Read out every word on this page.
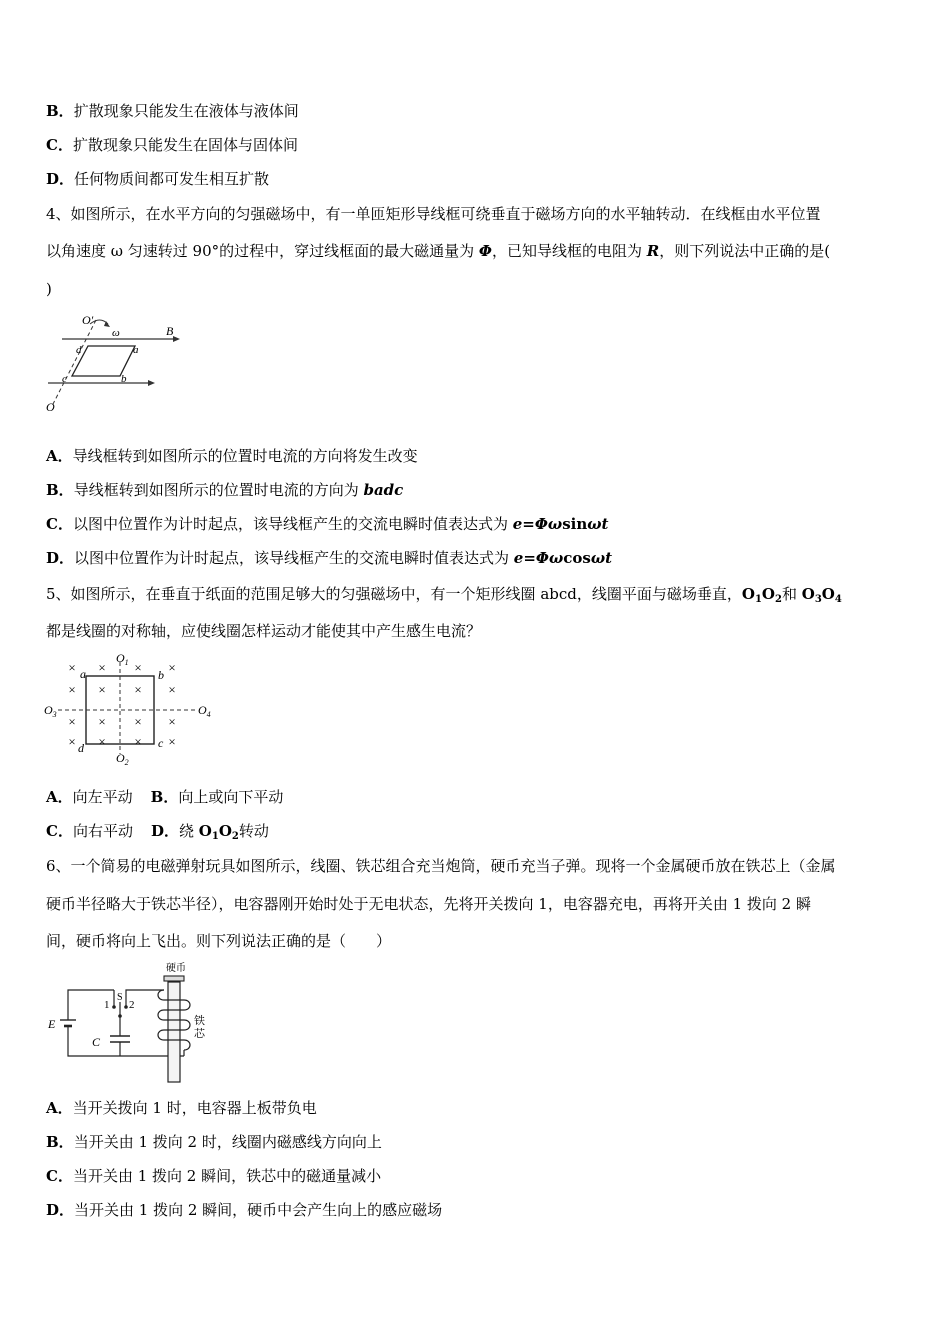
B．扩散现象只能发生在液体与液体间
C．扩散现象只能发生在固体与固体间
D．任何物质间都可发生相互扩散
4、如图所示，在水平方向的匀强磁场中，有一单匝矩形导线框可绕垂直于磁场方向的水平轴转动．在线框由水平位置
以角速度 ω 匀速转过 90°的过程中，穿过线框面的最大磁通量为 Φ，已知导线框的电阻为 R，则下列说法中正确的是(
)
O′
ω	B
d	a
c	b
O
A．导线框转到如图所示的位置时电流的方向将发生改变
B．导线框转到如图所示的位置时电流的方向为 badc
C．以图中位置作为计时起点，该导线框产生的交流电瞬时值表达式为 e=Φωsinωt
D．以图中位置作为计时起点，该导线框产生的交流电瞬时值表达式为 e=Φωcosωt
5、如图所示，在垂直于纸面的范围足够大的匀强磁场中，有一个矩形线圈 abcd，线圈平面与磁场垂直，$O_1O_2$和 $O_3O_4$
都是线圈的对称轴，应使线圈怎样运动才能使其中产生感生电流？
×
×
×
×
×
×
×
×
×
×
×
×
×
×
×
×
a	b
c
d
$O_1$
$O_2$
$O_3$	$O_4$
A．向左平动 B．向上或向下平动
C．向右平动 D．绕 $O_1O_2$转动
6、一个简易的电磁弹射玩具如图所示，线圈、铁芯组合充当炮筒，硬币充当子弹。现将一个金属硬币放在铁芯上（金属
硬币半径略大于铁芯半径），电容器刚开始时处于无电状态，先将开关拨向 1，电容器充电，再将开关由 1 拨向 2 瞬
间，硬币将向上飞出。则下列说法正确的是（　　）
E
1
S
2
C
硬币
铁
芯
A．当开关拨向 1 时，电容器上板带负电
B．当开关由 1 拨向 2 时，线圈内磁感线方向向上
C．当开关由 1 拨向 2 瞬间，铁芯中的磁通量减小
D．当开关由 1 拨向 2 瞬间，硬币中会产生向上的感应磁场
